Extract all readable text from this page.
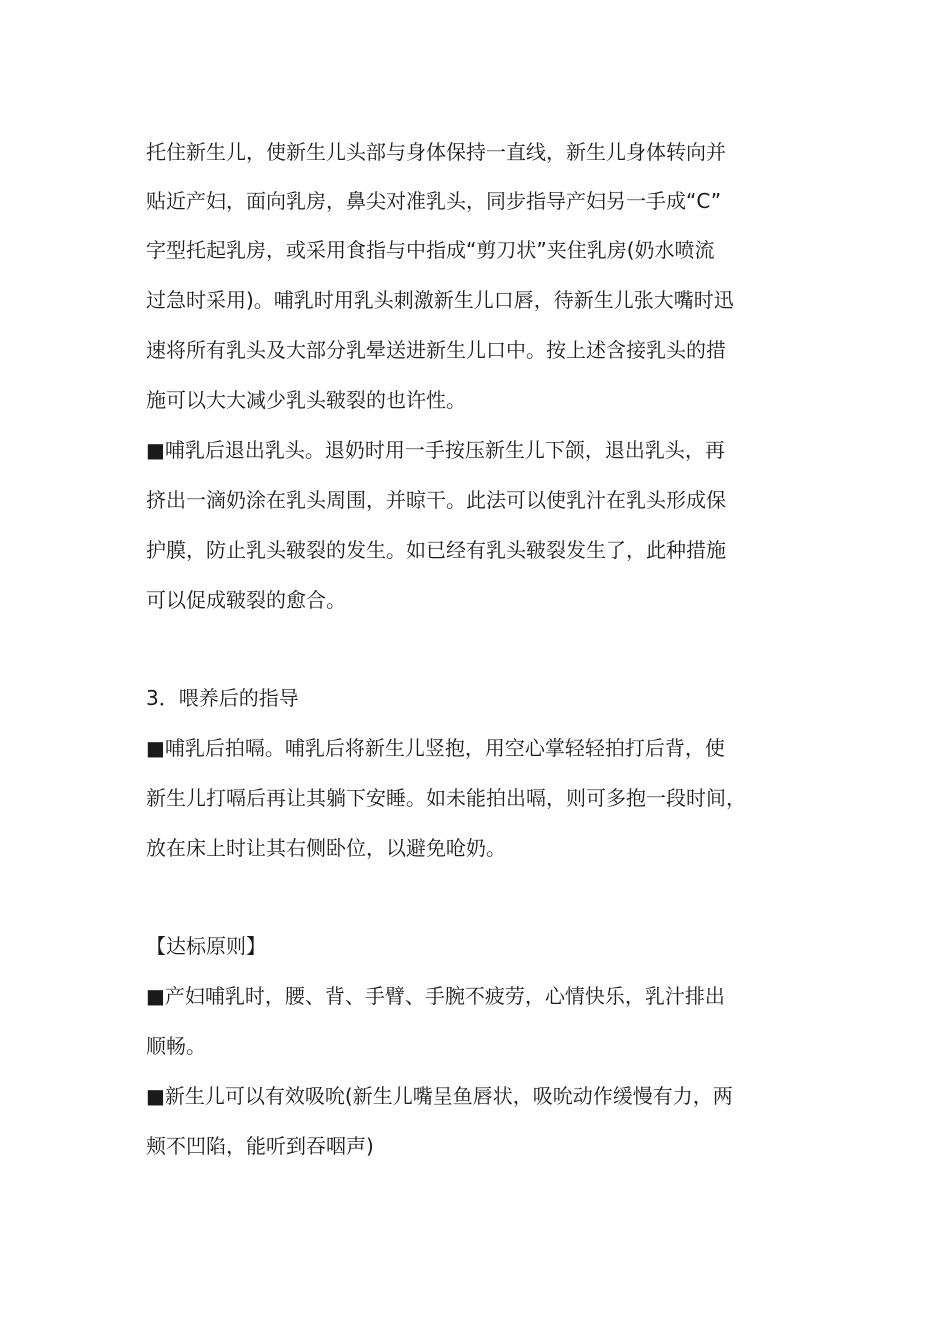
托住新生儿，使新生儿头部与身体保持一直线，新生儿身体转向并
贴近产妇，面向乳房，鼻尖对准乳头，同步指导产妇另一手成“C”
字型托起乳房，或采用食指与中指成“剪刀状”夹住乳房(奶水喷流
过急时采用)。哺乳时用乳头刺激新生儿口唇，待新生儿张大嘴时迅
速将所有乳头及大部分乳晕送进新生儿口中。按上述含接乳头的措
施可以大大减少乳头皲裂的也许性。
■哺乳后退出乳头。退奶时用一手按压新生儿下颌，退出乳头，再
挤出一滴奶涂在乳头周围，并晾干。此法可以使乳汁在乳头形成保
护膜，防止乳头皲裂的发生。如已经有乳头皲裂发生了，此种措施
可以促成皲裂的愈合。
3．喂养后的指导
■哺乳后拍嗝。哺乳后将新生儿竖抱，用空心掌轻轻拍打后背，使
新生儿打嗝后再让其躺下安睡。如未能拍出嗝，则可多抱一段时间，
放在床上时让其右侧卧位，以避免呛奶。
【达标原则】
■产妇哺乳时，腰、背、手臂、手腕不疲劳，心情快乐，乳汁排出
顺畅。
■新生儿可以有效吸吮(新生儿嘴呈鱼唇状，吸吮动作缓慢有力，两
颊不凹陷，能听到吞咽声)
